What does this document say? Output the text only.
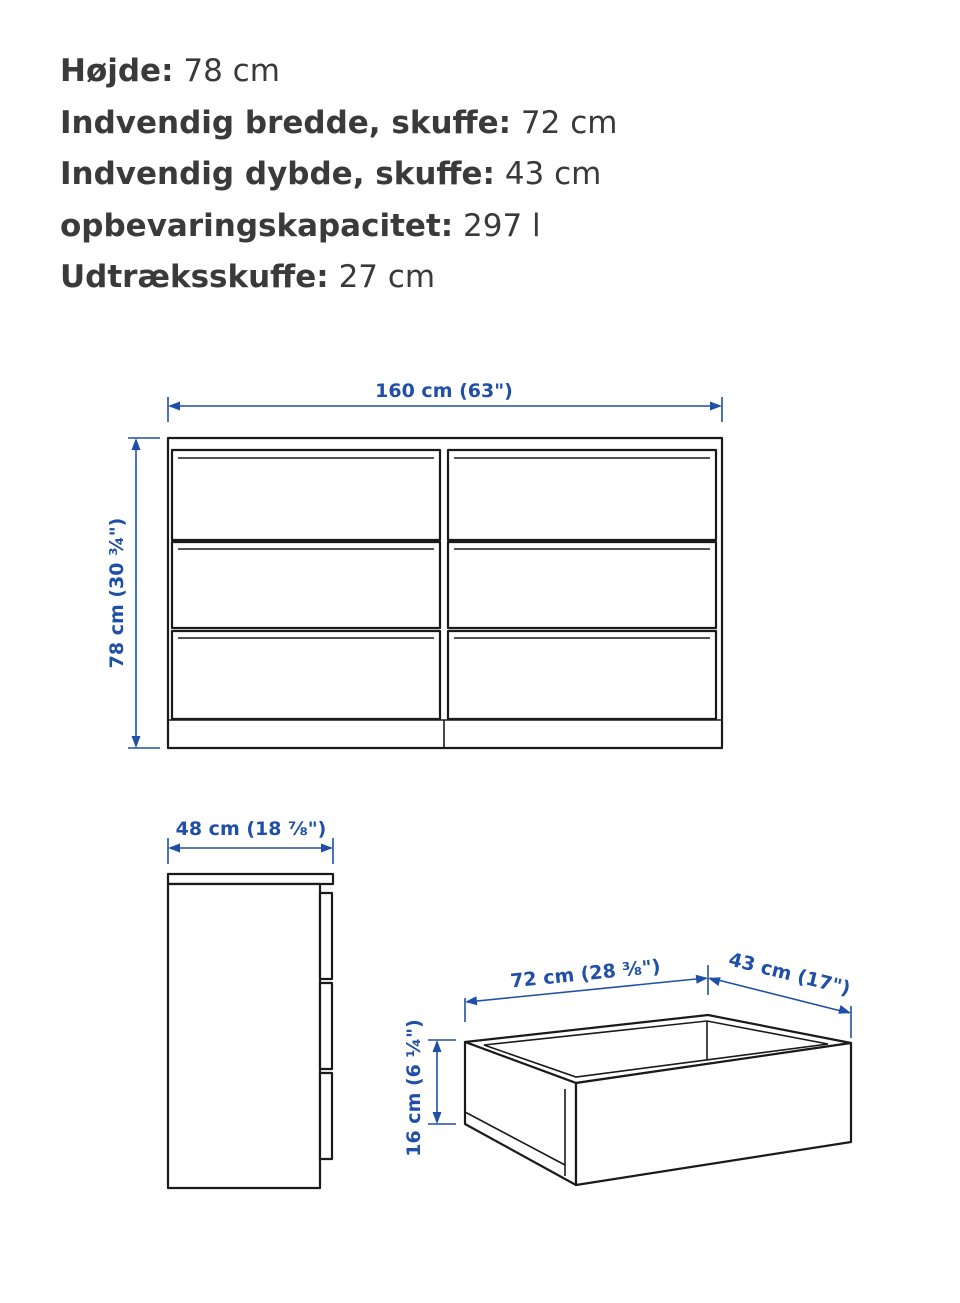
Højde: 78 cm
Indvendig bredde, skuffe: 72 cm
Indvendig dybde, skuffe: 43 cm
opbevaringskapacitet: 297 l
Udtræksskuffe: 27 cm
160 cm (63")
78 cm (30 ¾")
48 cm (18 ⅞")
72 cm (28 ⅜")	43 cm (17")
16 cm (6 ¼")
